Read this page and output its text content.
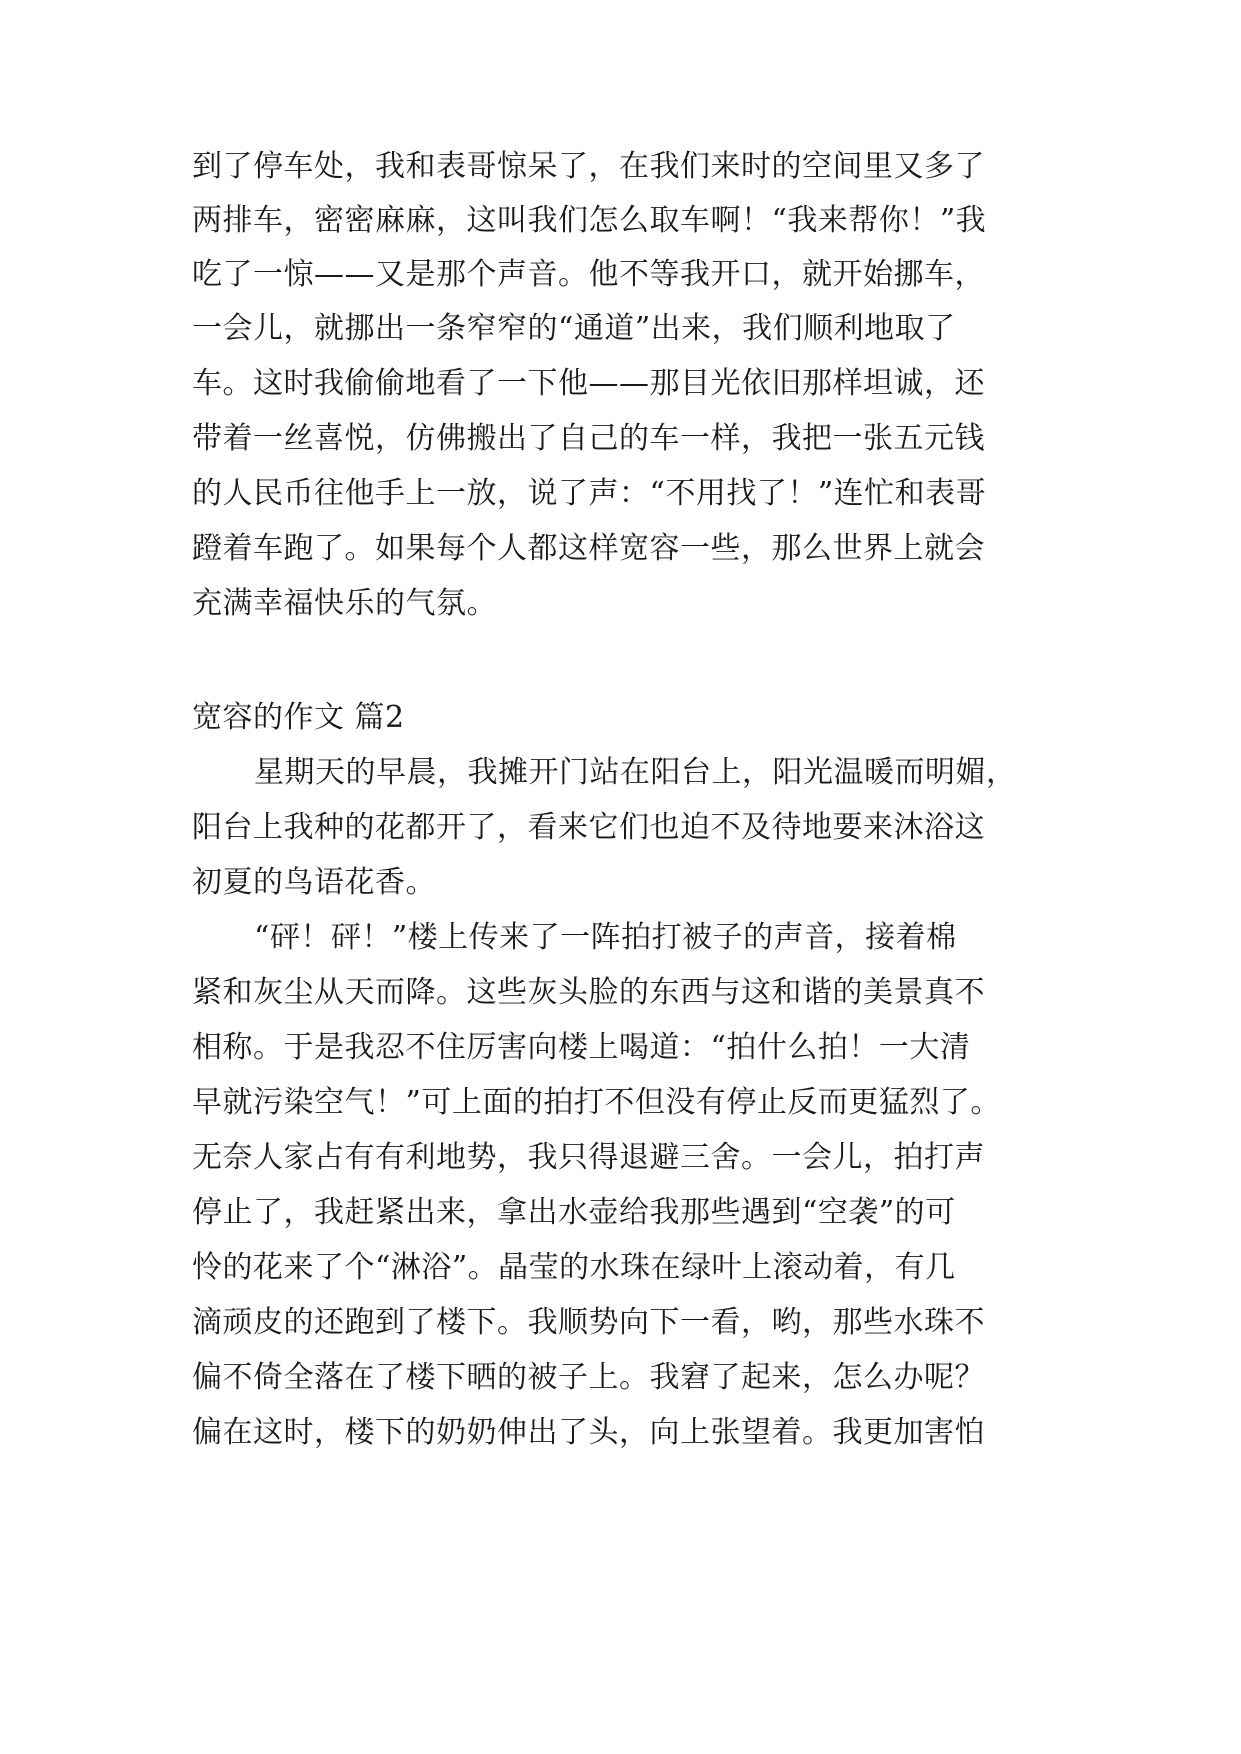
到了停车处，我和表哥惊呆了，在我们来时的空间里又多了
两排车，密密麻麻，这叫我们怎么取车啊！“我来帮你！”我
吃了一惊——又是那个声音。他不等我开口，就开始挪车，
一会儿，就挪出一条窄窄的“通道”出来，我们顺利地取了
车。这时我偷偷地看了一下他——那目光依旧那样坦诚，还
带着一丝喜悦，仿佛搬出了自己的车一样，我把一张五元钱
的人民币往他手上一放，说了声：“不用找了！”连忙和表哥
蹬着车跑了。如果每个人都这样宽容一些，那么世界上就会
充满幸福快乐的气氛。
宽容的作文 篇2
星期天的早晨，我摊开门站在阳台上，阳光温暖而明媚，
阳台上我种的花都开了，看来它们也迫不及待地要来沐浴这
初夏的鸟语花香。
“砰！砰！”楼上传来了一阵拍打被子的声音，接着棉
紧和灰尘从天而降。这些灰头脸的东西与这和谐的美景真不
相称。于是我忍不住厉害向楼上喝道：“拍什么拍！一大清
早就污染空气！”可上面的拍打不但没有停止反而更猛烈了。
无奈人家占有有利地势，我只得退避三舍。一会儿，拍打声
停止了，我赶紧出来，拿出水壶给我那些遇到“空袭”的可
怜的花来了个“淋浴”。晶莹的水珠在绿叶上滚动着，有几
滴顽皮的还跑到了楼下。我顺势向下一看，哟，那些水珠不
偏不倚全落在了楼下晒的被子上。我窘了起来，怎么办呢？
偏在这时，楼下的奶奶伸出了头，向上张望着。我更加害怕
